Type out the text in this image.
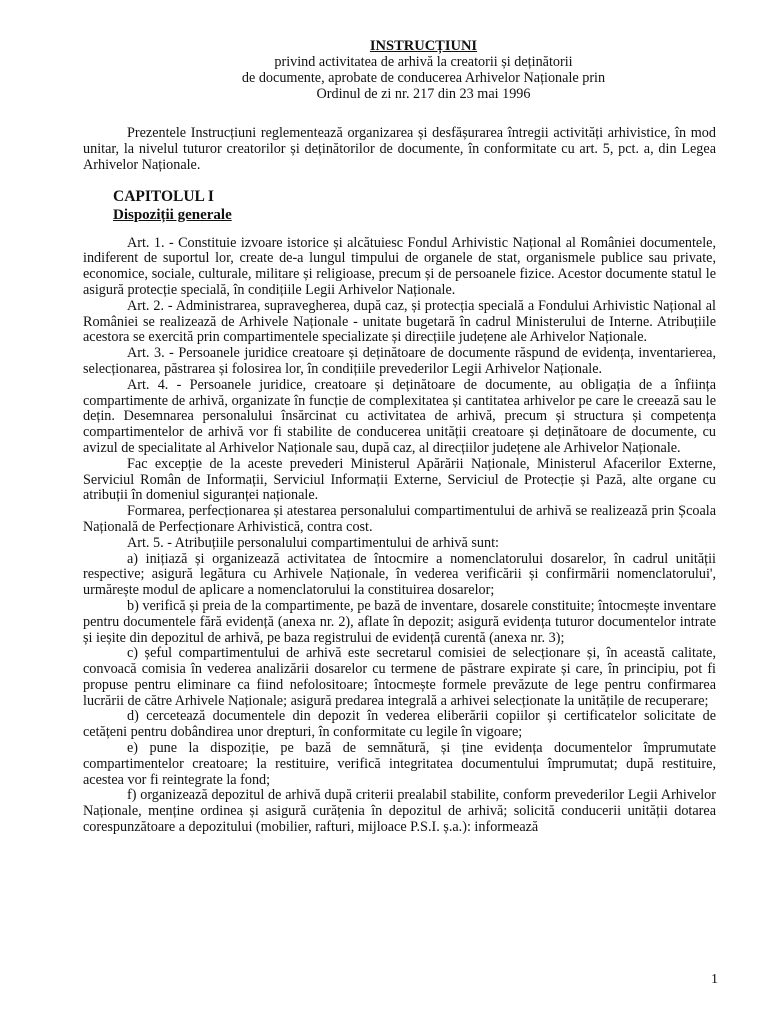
INSTRUCȚIUNI
privind activitatea de arhivă la creatorii și deținătorii
de documente, aprobate de conducerea Arhivelor Naționale prin
Ordinul de zi nr. 217 din 23 mai 1996

Prezentele Instrucțiuni reglementează organizarea și desfășurarea întregii activități arhivistice, în mod unitar, la nivelul tuturor creatorilor și deținătorilor de documente, în conformitate cu art. 5, pct. a, din Legea Arhivelor Naționale.

CAPITOLUL I
Dispoziții generale

Art. 1. - Constituie izvoare istorice și alcătuiesc Fondul Arhivistic Național al României documentele, indiferent de suportul lor, create de-a lungul timpului de organele de stat, organismele publice sau private, economice, sociale, culturale, militare și religioase, precum și de persoanele fizice. Acestor documente statul le asigură protecție specială, în condițiile Legii Arhivelor Naționale.

Art. 2. - Administrarea, supravegherea, după caz, și protecția specială a Fondului Arhivistic Național al României se realizează de Arhivele Naționale - unitate bugetară în cadrul Ministerului de Interne. Atribuțiile acestora se exercită prin compartimentele specializate și direcțiile județene ale Arhivelor Naționale.

Art. 3. - Persoanele juridice creatoare și deținătoare de documente răspund de evidența, inventarierea, selecționarea, păstrarea și folosirea lor, în condițiile prevederilor Legii Arhivelor Naționale.

Art. 4. - Persoanele juridice, creatoare și deținătoare de documente, au obligația de a înființa compartimente de arhivă, organizate în funcție de complexitatea și cantitatea arhivelor pe care le creează sau le dețin. Desemnarea personalului însărcinat cu activitatea de arhivă, precum și structura și competența compartimentelor de arhivă vor fi stabilite de conducerea unității creatoare și deținătoare de documente, cu avizul de specialitate al Arhivelor Naționale sau, după caz, al direcțiilor județene ale Arhivelor Naționale.

Fac excepție de la aceste prevederi Ministerul Apărării Naționale, Ministerul Afacerilor Externe, Serviciul Român de Informații, Serviciul Informații Externe, Serviciul de Protecție și Pază, alte organe cu atribuții în domeniul siguranței naționale.

Formarea, perfecționarea și atestarea personalului compartimentului de arhivă se realizează prin Școala Națională de Perfecționare Arhivistică, contra cost.

Art. 5. - Atribuțiile personalului compartimentului de arhivă sunt:

a) inițiază și organizează activitatea de întocmire a nomenclatorului dosarelor, în cadrul unității respective; asigură legătura cu Arhivele Naționale, în vederea verificării și confirmării nomenclatorului', urmărește modul de aplicare a nomenclatorului la constituirea dosarelor;

b) verifică și preia de la compartimente, pe bază de inventare, dosarele constituite; întocmește inventare pentru documentele fără evidență (anexa nr. 2), aflate în depozit; asigură evidența tuturor documentelor intrate și ieșite din depozitul de arhivă, pe baza registrului de evidență curentă (anexa nr. 3);

c) șeful compartimentului de arhivă este secretarul comisiei de selecționare și, în această calitate, convoacă comisia în vederea analizării dosarelor cu termene de păstrare expirate și care, în principiu, pot fi propuse pentru eliminare ca fiind nefolositoare; întocmește formele prevăzute de lege pentru confirmarea lucrării de către Arhivele Naționale; asigură predarea integrală a arhivei selecționate la unitățile de recuperare;

d) cercetează documentele din depozit în vederea eliberării copiilor și certificatelor solicitate de cetățeni pentru dobândirea unor drepturi, în conformitate cu legile în vigoare;

e) pune la dispoziție, pe bază de semnătură, și ține evidența documentelor împrumutate compartimentelor creatoare; la restituire, verifică integritatea documentului împrumutat; după restituire, acestea vor fi reintegrate la fond;

f) organizează depozitul de arhivă după criterii prealabil stabilite, conform prevederilor Legii Arhivelor Naționale, menține ordinea și asigură curățenia în depozitul de arhivă; solicită conducerii unității dotarea corespunzătoare a depozitului (mobilier, rafturi, mijloace P.S.I. ș.a.): informează

1
